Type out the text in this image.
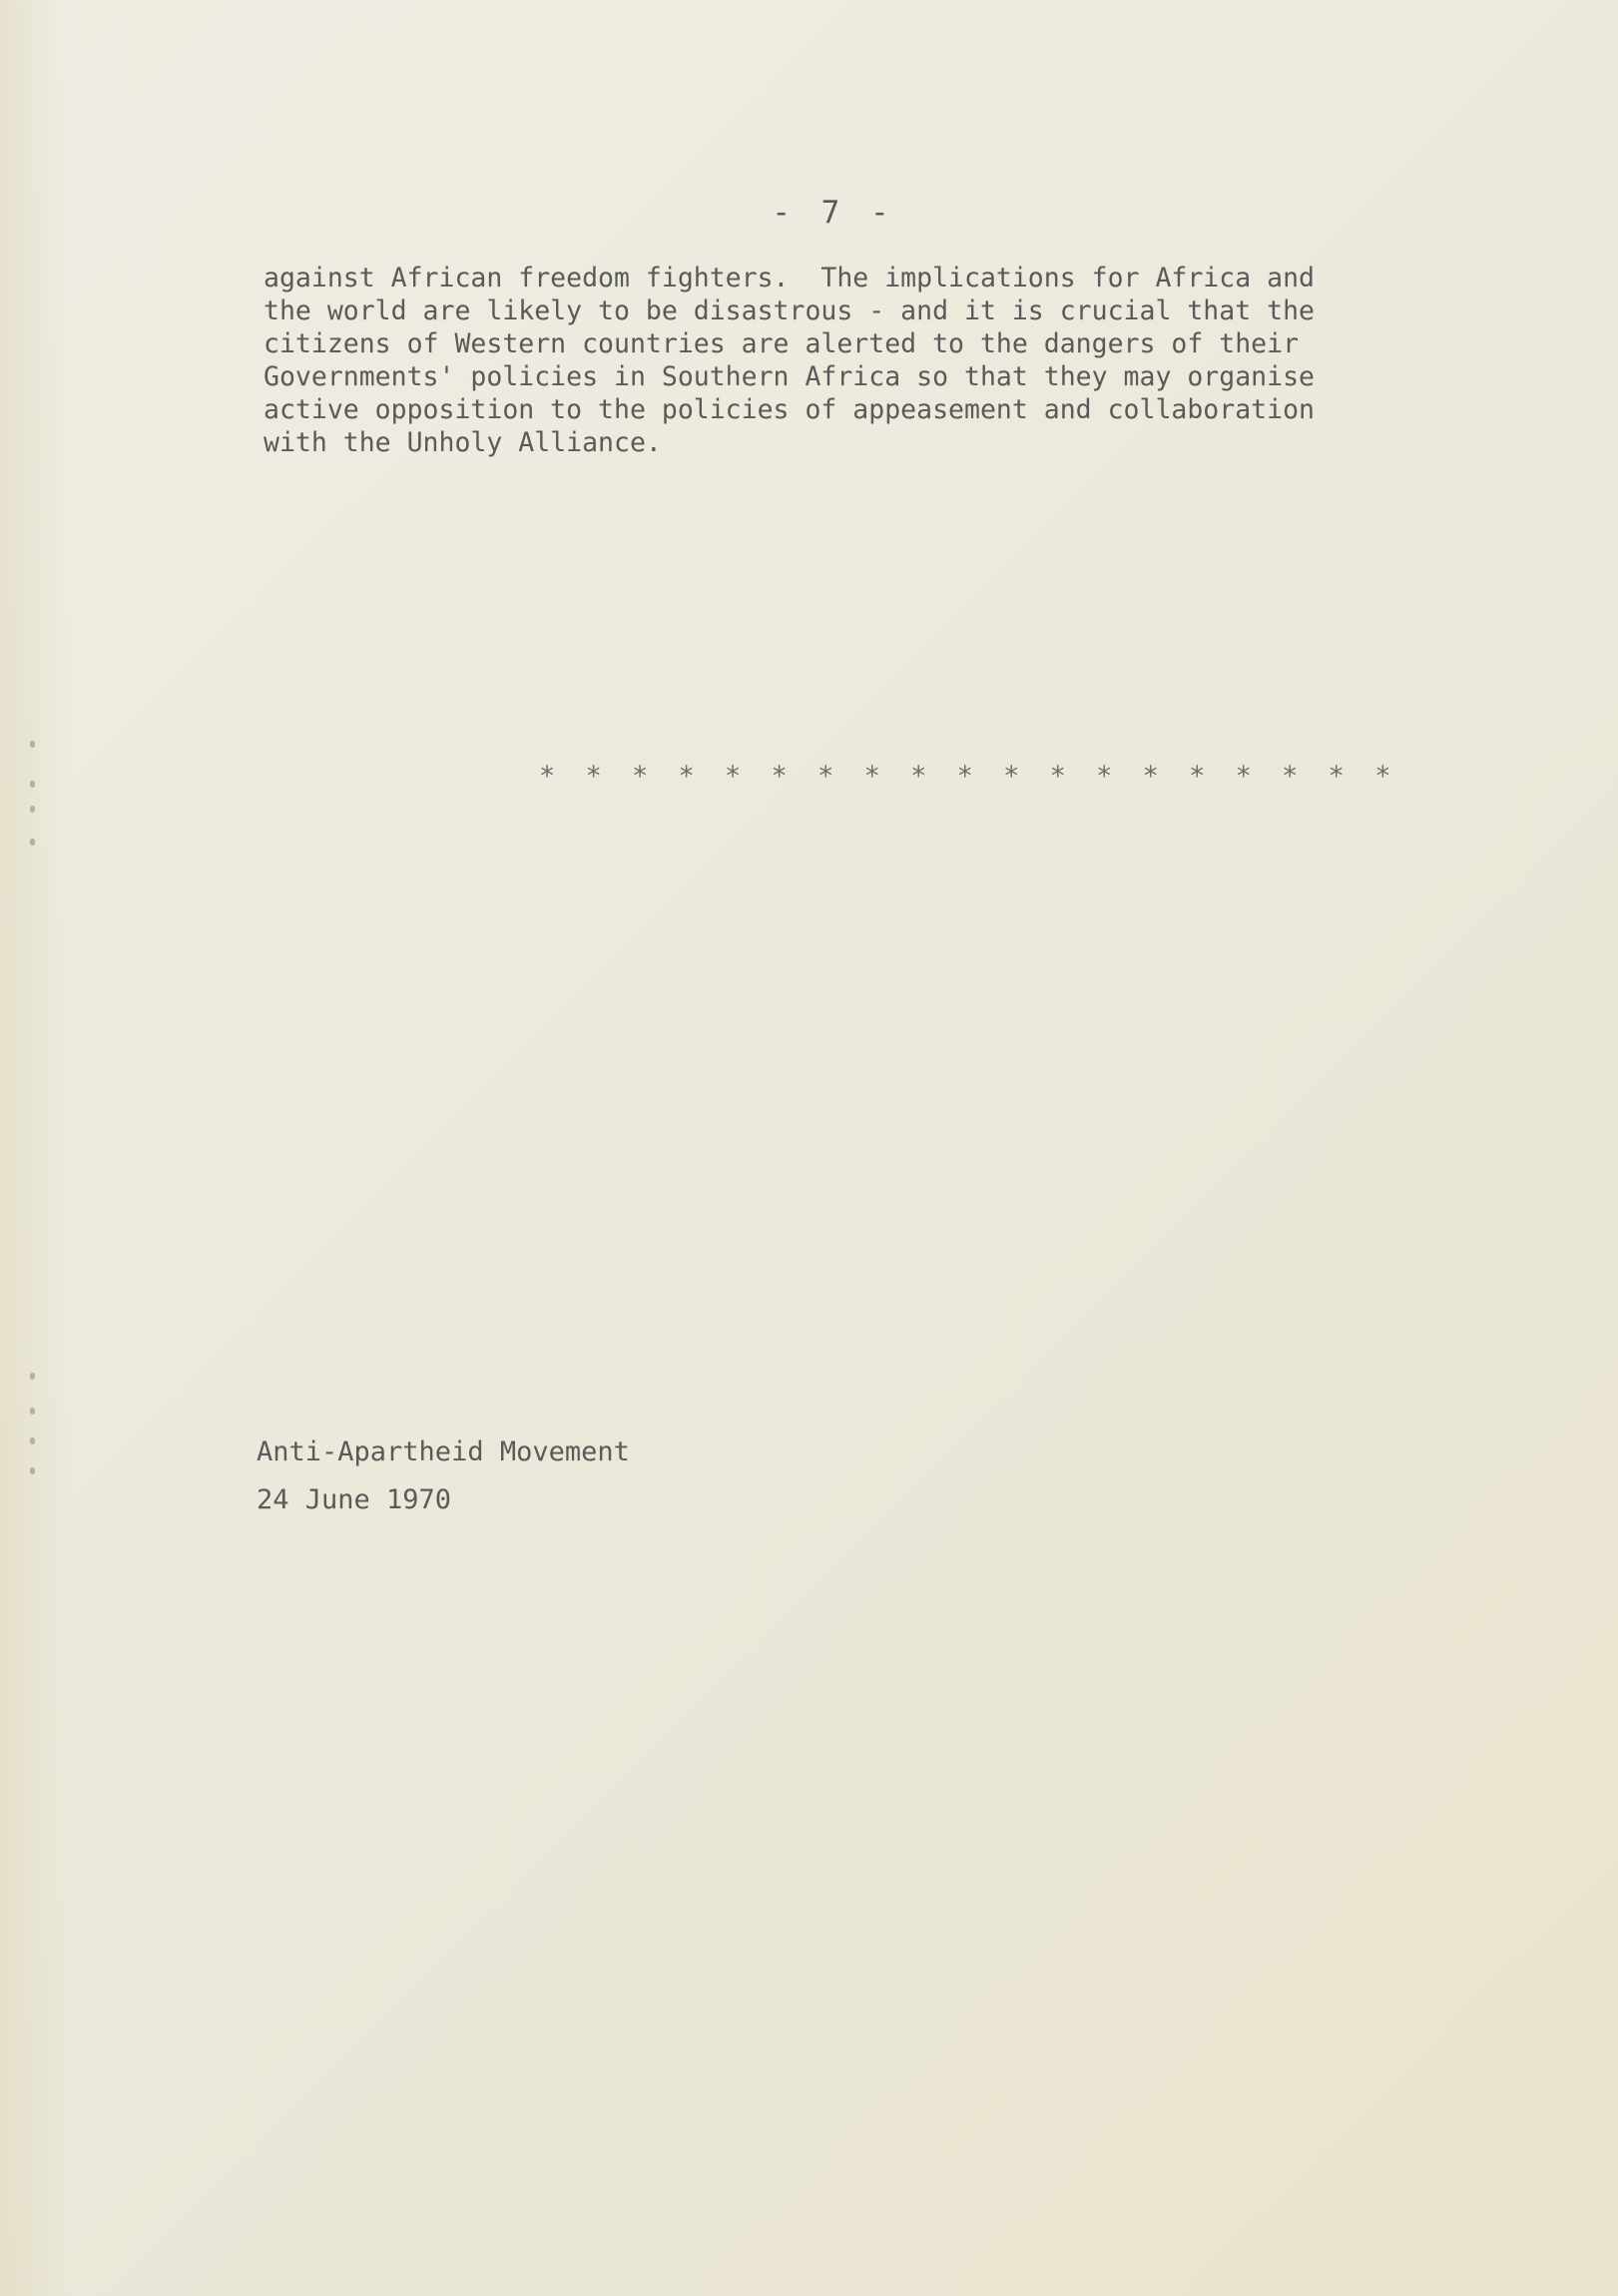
- 7 -
against African freedom fighters.  The implications for Africa and
the world are likely to be disastrous - and it is crucial that the
citizens of Western countries are alerted to the dangers of their
Governments' policies in Southern Africa so that they may organise
active opposition to the policies of appeasement and collaboration
with the Unholy Alliance.
* * * * * * * * * * * * * * * * * * *
Anti-Apartheid Movement
24 June 1970
